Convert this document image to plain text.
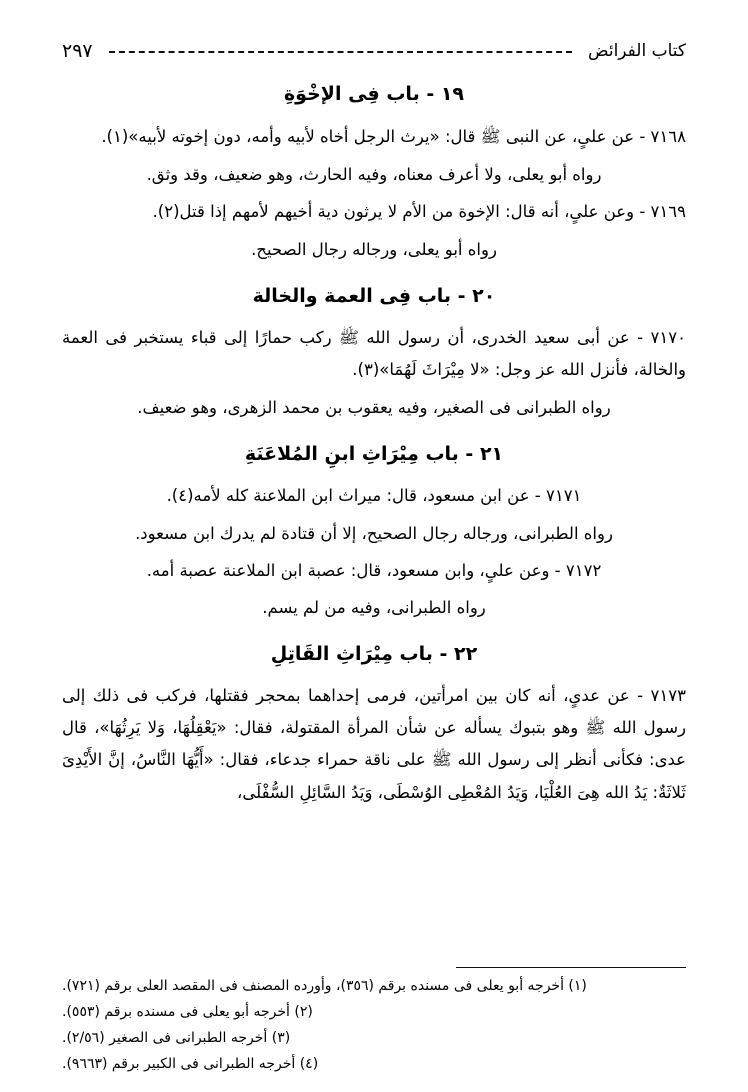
كتاب الفرائض
٢٩٧
١٩ - باب فِى الإخْوَةِ

٧١٦٨ - عن علىٍ، عن النبى ﷺ قال: «يرث الرجل أخاه لأبيه وأمه، دون إخوته لأبيه»(١).

رواه أبو يعلى، ولا أعرف معناه، وفيه الحارث، وهو ضعيف، وقد وثق.

٧١٦٩ - وعن علىٍ، أنه قال: الإخوة من الأم لا يرثون دية أخيهم لأمهم إذا قتل(٢).

رواه أبو يعلى، ورجاله رجال الصحيح.

٢٠ - باب فِى العمة والخالة

٧١٧٠ - عن أبى سعيد الخدرى، أن رسول الله ﷺ ركب حمارًا إلى قباء يستخبر فى العمة والخالة، فأنزل الله عز وجل: «لا مِيْرَاثَ لَهُمَا»(٣).

رواه الطبرانى فى الصغير، وفيه يعقوب بن محمد الزهرى، وهو ضعيف.

٢١ - باب مِيْرَاثِ ابنِ المُلاعَنَةِ

٧١٧١ - عن ابن مسعود، قال: ميراث ابن الملاعنة كله لأمه(٤).

رواه الطبرانى، ورجاله رجال الصحيح، إلا أن قتادة لم يدرك ابن مسعود.

٧١٧٢ - وعن علىٍ، وابن مسعود، قال: عصبة ابن الملاعنة عصبة أمه.

رواه الطبرانى، وفيه من لم يسم.

٢٢ - باب مِيْرَاثِ القَاتِلِ

٧١٧٣ - عن عدىٍ، أنه كان بين امرأتين، فرمى إحداهما بمحجر فقتلها، فركب فى ذلك إلى رسول الله ﷺ وهو بتبوك يسأله عن شأن المرأة المقتولة، فقال: «يَعْقِلُهَا، وَلا يَرِثُهَا»، قال عدى: فكأنى أنظر إلى رسول الله ﷺ على ناقة حمراء جدعاء، فقال: «أَيُّهَا النَّاسُ، إنَّ الأَيْدِىَ ثَلاثَةٌ: يَدُ الله هِىَ العُلْيَا، وَيَدُ المُعْطِى الوُسْطَى، وَيَدُ السَّائِلِ السُّفْلَى،

(١) أخرجه أبو يعلى فى مسنده برقم (٣٥٦)، وأورده المصنف فى المقصد العلى برقم (٧٢١).

(٢) أخرجه أبو يعلى فى مسنده برقم (٥٥٣).

(٣) أخرجه الطبرانى فى الصغير (٢/٥٦).

(٤) أخرجه الطبرانى فى الكبير برقم (٩٦٦٣).
